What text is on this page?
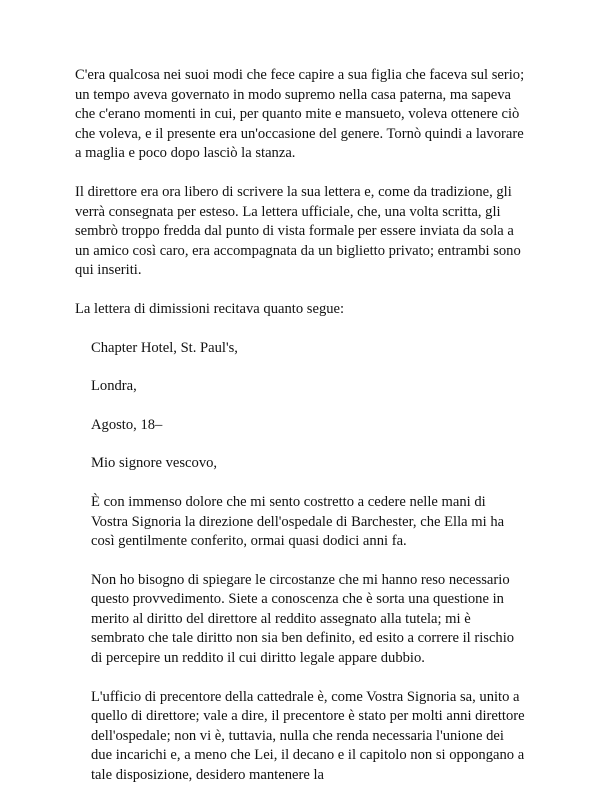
C'era qualcosa nei suoi modi che fece capire a sua figlia che faceva sul serio; un tempo aveva governato in modo supremo nella casa paterna, ma sapeva che c'erano momenti in cui, per quanto mite e mansueto, voleva ottenere ciò che voleva, e il presente era un'occasione del genere. Tornò quindi a lavorare a maglia e poco dopo lasciò la stanza.

Il direttore era ora libero di scrivere la sua lettera e, come da tradizione, gli verrà consegnata per esteso. La lettera ufficiale, che, una volta scritta, gli sembrò troppo fredda dal punto di vista formale per essere inviata da sola a un amico così caro, era accompagnata da un biglietto privato; entrambi sono qui inseriti.

La lettera di dimissioni recitava quanto segue:

Chapter Hotel, St. Paul's,

Londra,

Agosto, 18–

Mio signore vescovo,

È con immenso dolore che mi sento costretto a cedere nelle mani di Vostra Signoria la direzione dell'ospedale di Barchester, che Ella mi ha così gentilmente conferito, ormai quasi dodici anni fa.

Non ho bisogno di spiegare le circostanze che mi hanno reso necessario questo provvedimento. Siete a conoscenza che è sorta una questione in merito al diritto del direttore al reddito assegnato alla tutela; mi è sembrato che tale diritto non sia ben definito, ed esito a correre il rischio di percepire un reddito il cui diritto legale appare dubbio.

L'ufficio di precentore della cattedrale è, come Vostra Signoria sa, unito a quello di direttore; vale a dire, il precentore è stato per molti anni direttore dell'ospedale; non vi è, tuttavia, nulla che renda necessaria l'unione dei due incarichi e, a meno che Lei, il decano e il capitolo non si oppongano a tale disposizione, desidero mantenere la
